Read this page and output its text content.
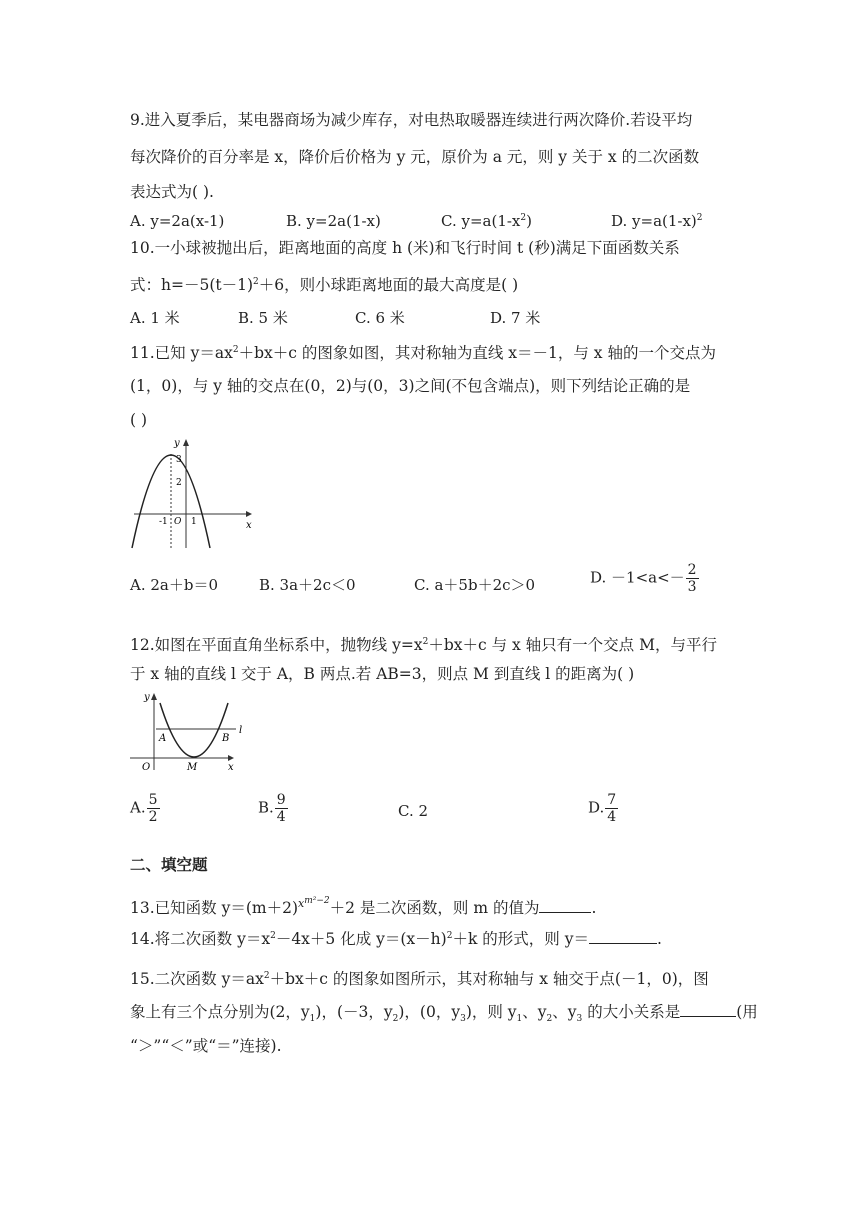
9.进入夏季后，某电器商场为减少库存，对电热取暖器连续进行两次降价.若设平均
每次降价的百分率是 x，降价后价格为 y 元，原价为 a 元，则 y 关于 x 的二次函数
表达式为( ).
A. y=2a(x-1)	B. y=2a(1-x)	C. $y=a(1-x^2)$	D. $y=a(1-x)^2$
10.一小球被抛出后，距离地面的高度 h (米)和飞行时间 t (秒)满足下面函数关系
式：$h=-5(t-1)^2+6$，则小球距离地面的最大高度是( )
A. 1 米	B. 5 米	C. 6 米	D. 7 米
11.已知 $y=ax^2+bx+c$ 的图象如图，其对称轴为直线 x＝－1，与 x 轴的一个交点为
(1，0)，与 y 轴的交点在(0，2)与(0，3)之间(不包含端点)，则下列结论正确的是
( )
y
x
3
2
-1 O 1
A. 2a＋b＝0	B. 3a＋2c＜0	C. a＋5b＋2c＞0	D. $-1<a<- \frac{2}{3}$
12.如图在平面直角坐标系中，抛物线 $y=x^2+bx+c$ 与 x 轴只有一个交点 M，与平行
y
l
A	B
O	M	x
A. $\frac{5}{2}$	B. $\frac{9}{4}$	C. 2	D. $\frac{7}{4}$
二、填空题
13.已知函数 $y=(m+2)^{xm^2-2}+2$ 是二次函数，则 m 的值为	.
14.将二次函数 $y=x^2-4x+5$ 化成 $y=(x-h)^2+k$ 的形式，则 y＝	.
15.二次函数 $y=ax^2+bx+c$ 的图象如图所示，其对称轴与 x 轴交于点(－1，0)，图
象上有三个点分别为(2，$y_1$)，(－3，$y_2$)，(0，$y_3$)，则 $y_1$、$y_2$、$y_3$ 的大小关系是	(用
“＞”“＜”或“＝”连接).
于 x 轴的直线 l 交于 A，B 两点.若 AB=3，则点 M 到直线 l 的距离为( )
